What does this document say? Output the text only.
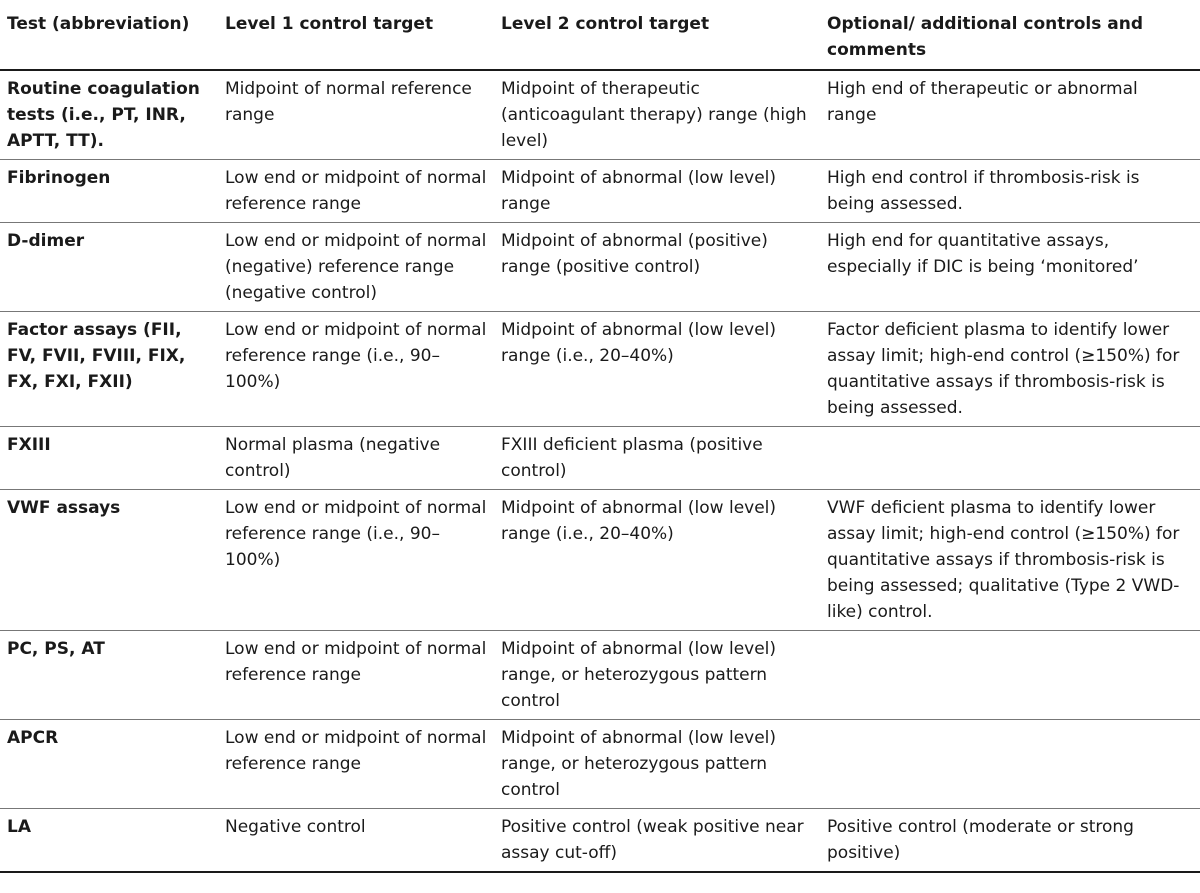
Test (abbreviation)	Level 1 control target	Level 2 control target	Optional/ additional controls and comments
Routine coagulation tests (i.e., PT, INR, APTT, TT).	Midpoint of normal reference range	Midpoint of therapeutic (anticoagulant therapy) range (high level)	High end of therapeutic or abnormal range
Fibrinogen	Low end or midpoint of normal reference range	Midpoint of abnormal (low level) range	High end control if thrombosis-risk is being assessed.
D-dimer	Low end or midpoint of normal (negative) reference range (negative control)	Midpoint of abnormal (positive) range (positive control)	High end for quantitative assays, especially if DIC is being ‘monitored’
Factor assays (FII, FV, FVII, FVIII, FIX, FX, FXI, FXII)	Low end or midpoint of normal reference range (i.e., 90–100%)	Midpoint of abnormal (low level) range (i.e., 20–40%)	Factor deficient plasma to identify lower assay limit; high-end control (≥150%) for quantitative assays if thrombosis-risk is being assessed.
FXIII	Normal plasma (negative control)	FXIII deficient plasma (positive control)	
VWF assays	Low end or midpoint of normal reference range (i.e., 90–100%)	Midpoint of abnormal (low level) range (i.e., 20–40%)	VWF deficient plasma to identify lower assay limit; high-end control (≥150%) for quantitative assays if thrombosis-risk is being assessed; qualitative (Type 2 VWD-like) control.
PC, PS, AT	Low end or midpoint of normal reference range	Midpoint of abnormal (low level) range, or heterozygous pattern control	
APCR	Low end or midpoint of normal reference range	Midpoint of abnormal (low level) range, or heterozygous pattern control	
LA	Negative control	Positive control (weak positive near assay cut-off)	Positive control (moderate or strong positive)
